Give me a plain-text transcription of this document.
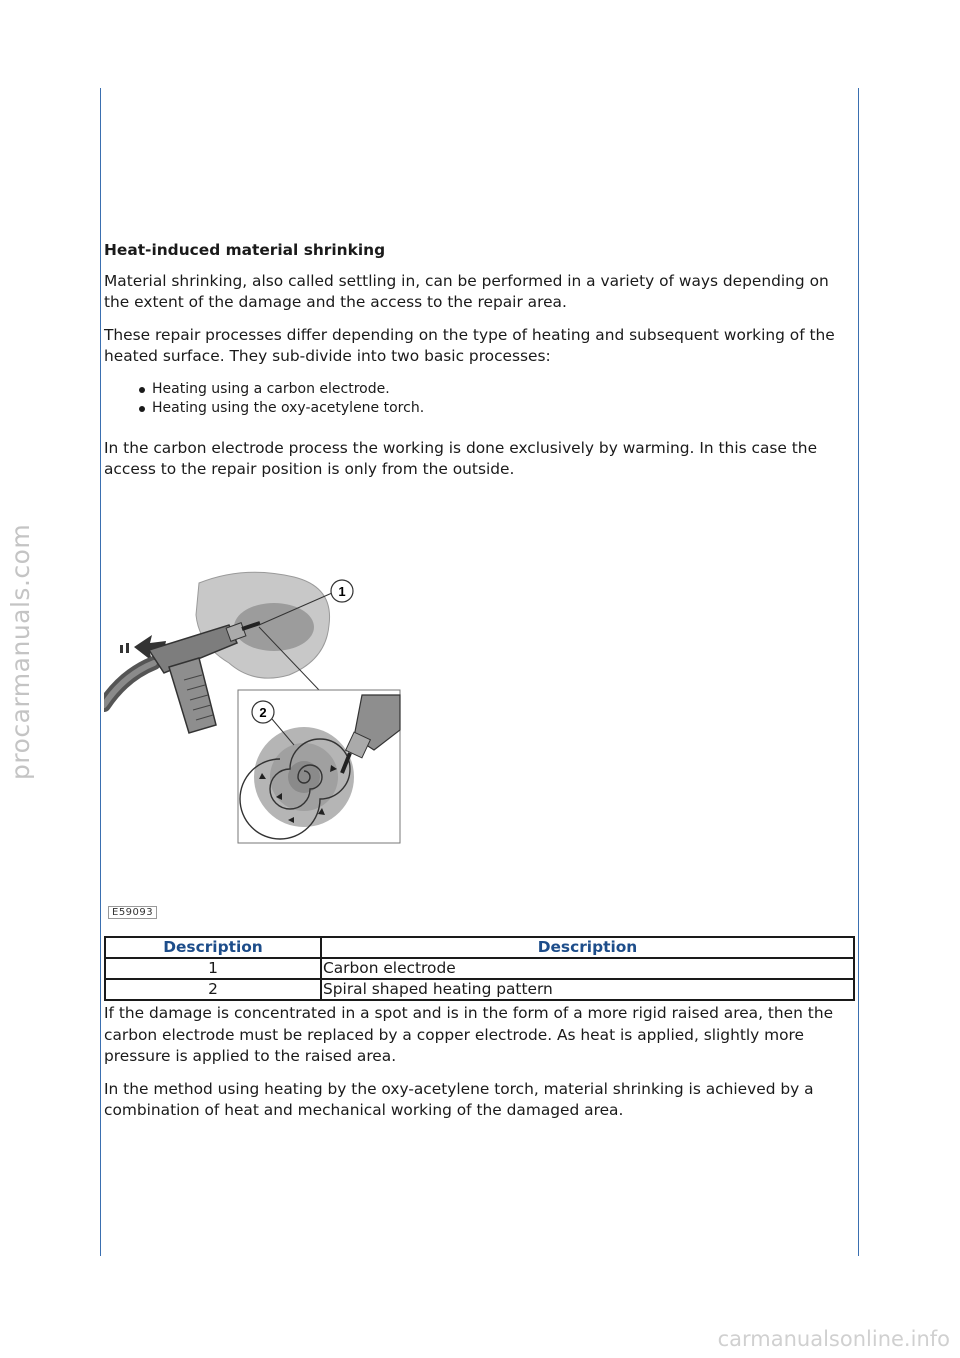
procarmanuals.com
carmanualsonline.info
Heat-induced material shrinking

Material shrinking, also called settling in, can be performed in a variety of ways depending on the extent of the damage and the access to the repair area.

These repair processes differ depending on the type of heating and subsequent working of the heated surface. They sub-divide into two basic processes:

Heating using a carbon electrode.
Heating using the oxy-acetylene torch.

In the carbon electrode process the working is done exclusively by warming. In this case the access to the repair position is only from the outside.

1
2
E59093
Description	Description
1	Carbon electrode
2	Spiral shaped heating pattern

If the damage is concentrated in a spot and is in the form of a more rigid raised area, then the carbon electrode must be replaced by a copper electrode. As heat is applied, slightly more pressure is applied to the raised area.

In the method using heating by the oxy-acetylene torch, material shrinking is achieved by a combination of heat and mechanical working of the damaged area.
